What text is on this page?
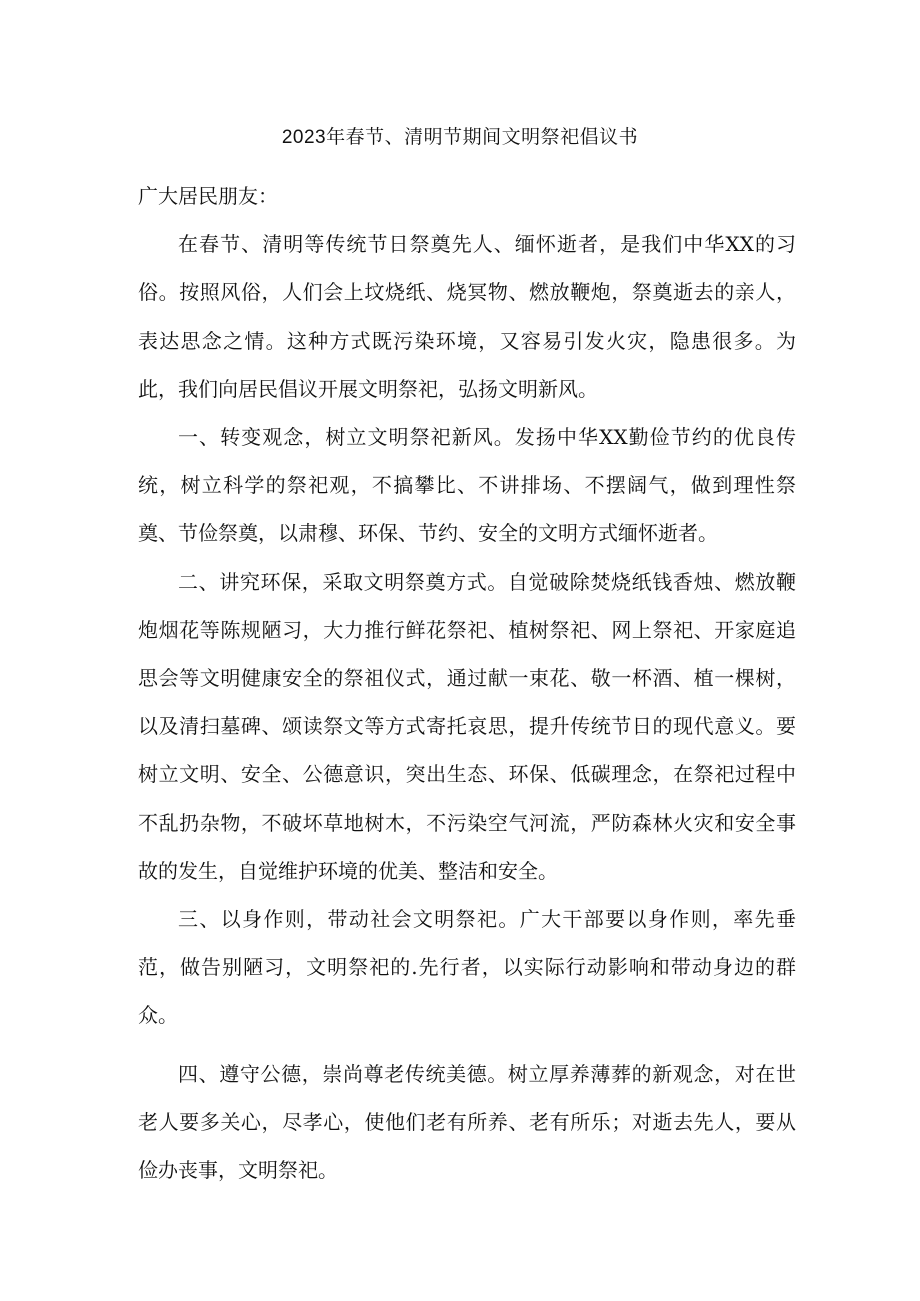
2023年春节、清明节期间文明祭祀倡议书

广大居民朋友：

在春节、清明等传统节日祭奠先人、缅怀逝者，是我们中华XX的习俗。按照风俗，人们会上坟烧纸、烧冥物、燃放鞭炮，祭奠逝去的亲人，表达思念之情。这种方式既污染环境，又容易引发火灾，隐患很多。为此，我们向居民倡议开展文明祭祀，弘扬文明新风。

一、转变观念，树立文明祭祀新风。发扬中华XX勤俭节约的优良传统，树立科学的祭祀观，不搞攀比、不讲排场、不摆阔气，做到理性祭奠、节俭祭奠，以肃穆、环保、节约、安全的文明方式缅怀逝者。

二、讲究环保，采取文明祭奠方式。自觉破除焚烧纸钱香烛、燃放鞭炮烟花等陈规陋习，大力推行鲜花祭祀、植树祭祀、网上祭祀、开家庭追思会等文明健康安全的祭祖仪式，通过献一束花、敬一杯酒、植一棵树，以及清扫墓碑、颂读祭文等方式寄托哀思，提升传统节日的现代意义。要树立文明、安全、公德意识，突出生态、环保、低碳理念，在祭祀过程中不乱扔杂物，不破坏草地树木，不污染空气河流，严防森林火灾和安全事故的发生，自觉维护环境的优美、整洁和安全。

三、以身作则，带动社会文明祭祀。广大干部要以身作则，率先垂范，做告别陋习，文明祭祀的.先行者，以实际行动影响和带动身边的群众。

四、遵守公德，崇尚尊老传统美德。树立厚养薄葬的新观念，对在世老人要多关心，尽孝心，使他们老有所养、老有所乐；对逝去先人，要从俭办丧事，文明祭祀。
